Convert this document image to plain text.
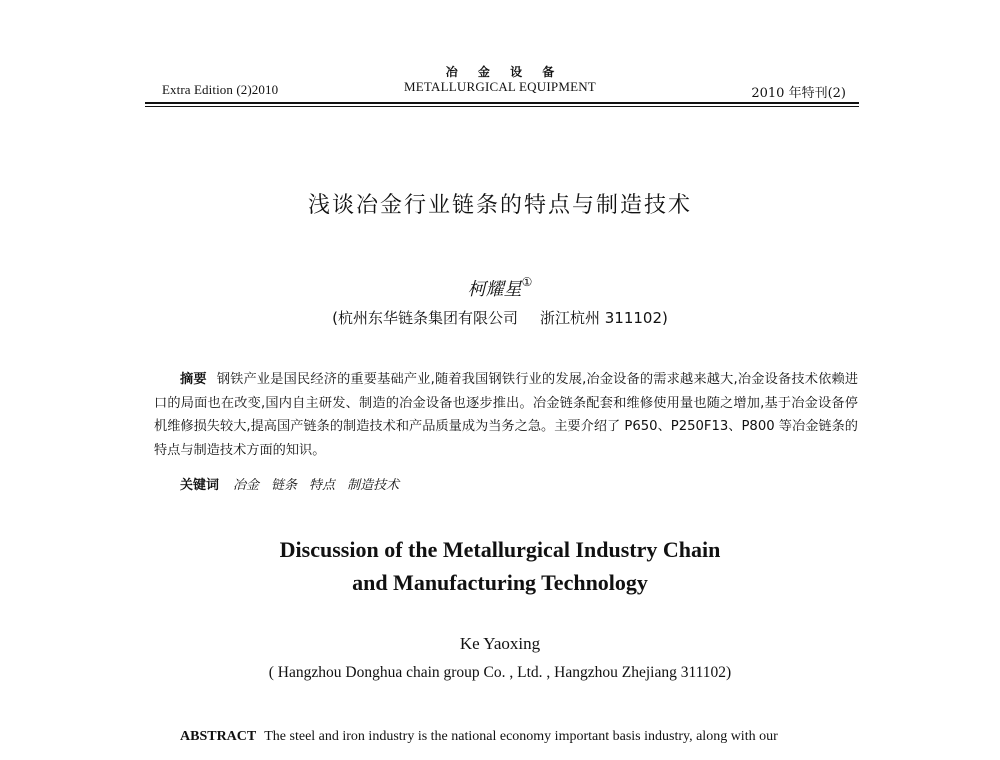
Extra Edition (2)2010
冶 金 设 备
METALLURGICAL EQUIPMENT	2010 年特刊(2)
浅谈冶金行业链条的特点与制造技术
柯耀星①
(杭州东华链条集团有限公司 浙江杭州 311102)
摘要 钢铁产业是国民经济的重要基础产业,随着我国钢铁行业的发展,冶金设备的需求越来越大,冶金设备技术依赖进口的局面也在改变,国内自主研发、制造的冶金设备也逐步推出。冶金链条配套和维修使用量也随之增加,基于冶金设备停机维修损失较大,提高国产链条的制造技术和产品质量成为当务之急。主要介绍了 P650、P250F13、P800 等冶金链条的特点与制造技术方面的知识。
关键词 冶金 链条 特点 制造技术
Discussion of the Metallurgical Industry Chain
and Manufacturing Technology
Ke Yaoxing
( Hangzhou Donghua chain group Co. , Ltd. , Hangzhou Zhejiang 311102)
ABSTRACT The steel and iron industry is the national economy important basis industry, along with our
